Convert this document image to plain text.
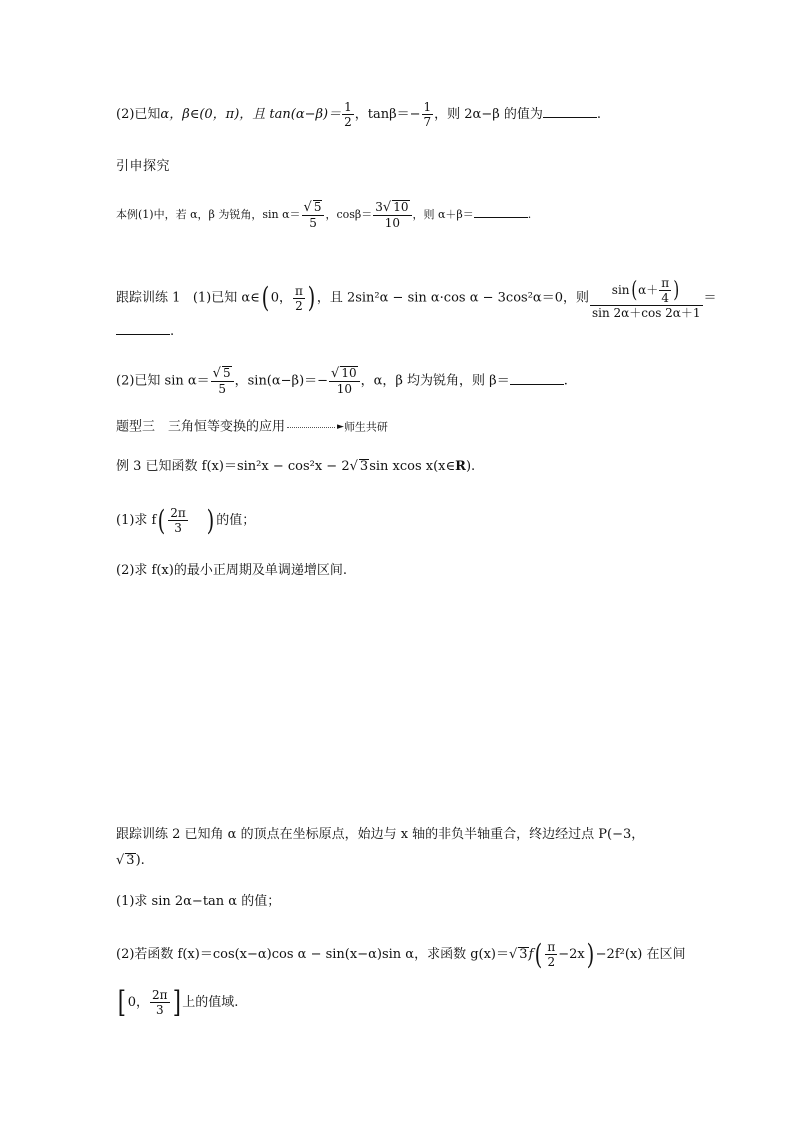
(2)已知α，β∈(0，π)，且 $\tan(\alpha-\beta)= \frac{1}{2}$ ，$\tan\beta=- \frac{1}{7}$ ，则 2α−β 的值为	.
引申探究
本例(1)中，若 α，β 为锐角，$\sin \alpha= \frac{√ 5}{5}$ ，$\cos\beta= \frac{3√ 10}{10}$ ，则 α＋β＝	.
跟踪训练 1 (1)已知 α∈( 0， $\frac{\pi}{2}$ ) ，且 2sin²α − sin α·cos α − 3cos²α＝0，则 $\frac{\sin(\alpha+ \frac{\pi}{4} )}{\sin 2\alpha+\cos 2\alpha+1}$ ＝
.
(2)已知 $\sin \alpha= \frac{√ 5}{5}$ ，$\sin(\alpha-\beta)=- \frac{√ 10}{10}$ ，α，β 均为锐角，则 β＝	.
题型三　三角恒等变换的应用	►师生共研
例 3 已知函数 f(x)＝sin²x − cos²x − 2√ 3sin xcos x(x∈R).
(1)求 $f( \frac{2\pi}{3}$ ) 的值；
(2)求 f(x)的最小正周期及单调递增区间.
跟踪训练 2 已知角 α 的顶点在坐标原点，始边与 x 轴的非负半轴重合，终边经过点 P(−3，
√ 3).
(1)求 sin 2α−tan α 的值；
(2)若函数 f(x)＝cos(x−α)cos α − sin(x−α)sin α，求函数 g(x)＝√ $3f( \frac{\pi}{2} -2x) -2f^2(x)$ 在区间
[ 0， $\frac{2\pi}{3}$ ] 上的值域.
